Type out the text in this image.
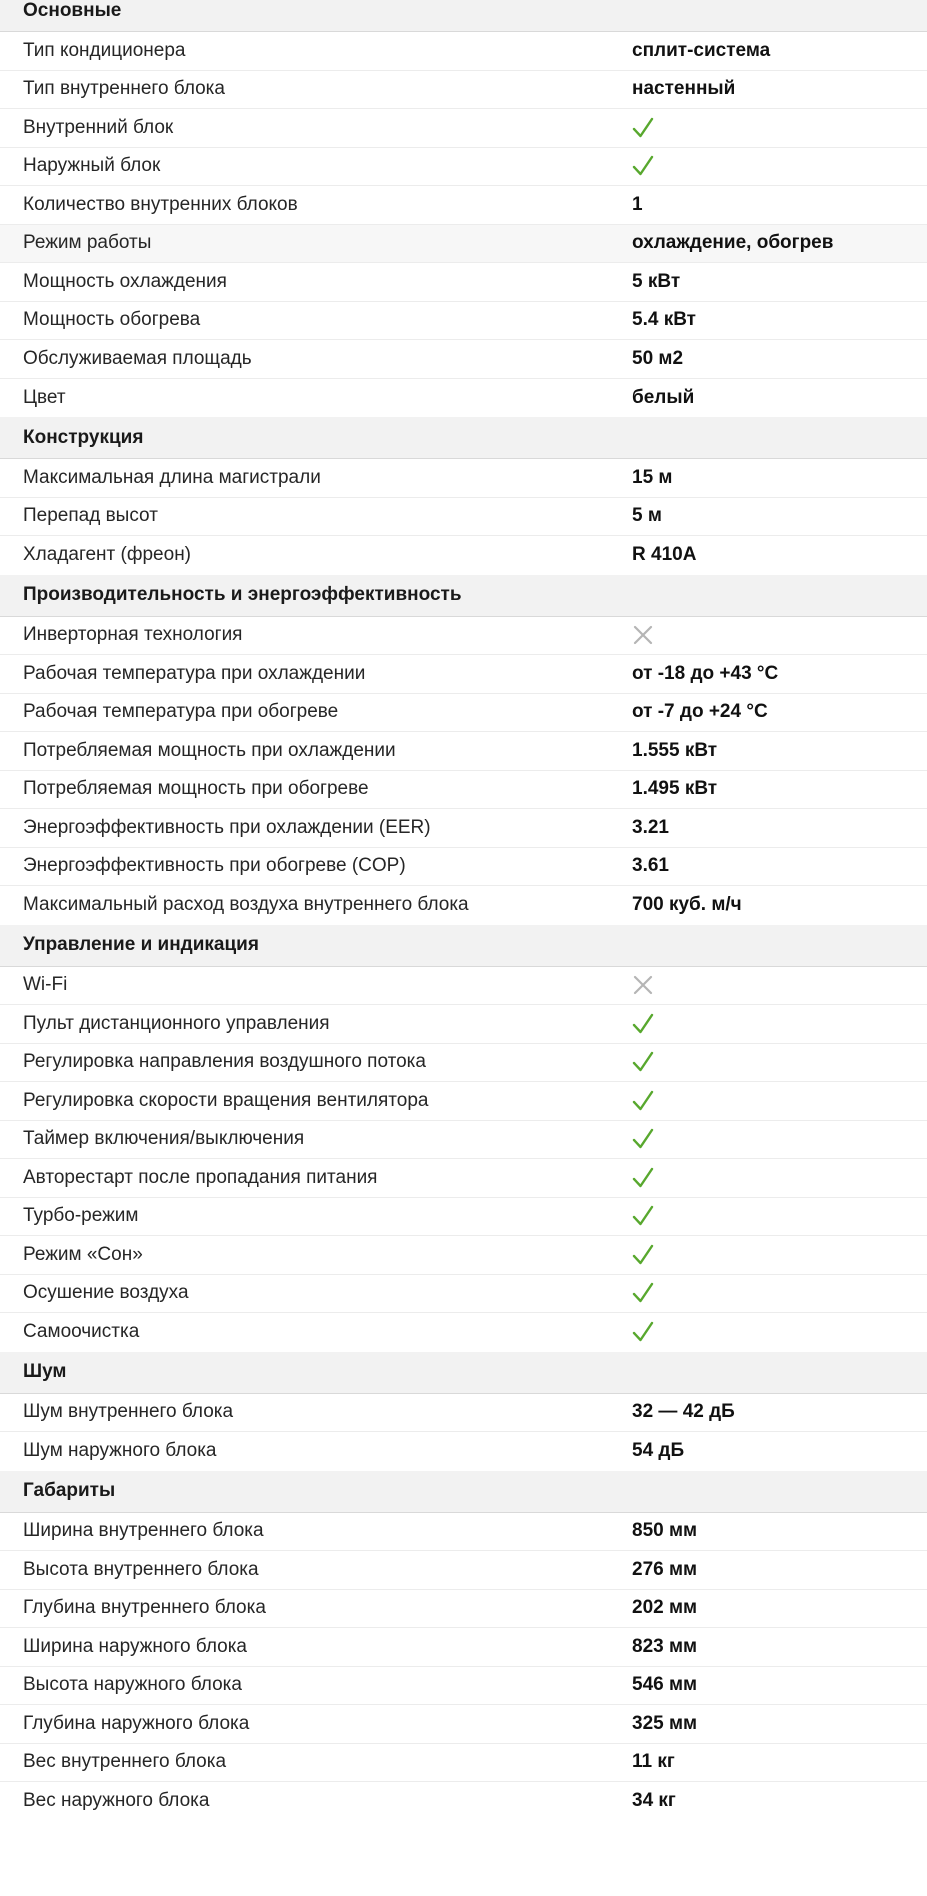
Основные
Тип кондиционера	сплит-система
Тип внутреннего блока	настенный
Внутренний блок
Наружный блок
Количество внутренних блоков	1
Режим работы	охлаждение, обогрев
Мощность охлаждения	5 кВт
Мощность обогрева	5.4 кВт
Обслуживаемая площадь	50 м2
Цвет	белый
Конструкция
Максимальная длина магистрали	15 м
Перепад высот	5 м
Хладагент (фреон)	R 410A
Производительность и энергоэффективность
Инверторная технология
Рабочая температура при охлаждении	от -18 до +43 °C
Рабочая температура при обогреве	от -7 до +24 °C
Потребляемая мощность при охлаждении	1.555 кВт
Потребляемая мощность при обогреве	1.495 кВт
Энергоэффективность при охлаждении (EER)	3.21
Энергоэффективность при обогреве (COP)	3.61
Максимальный расход воздуха внутреннего блока	700 куб. м/ч
Управление и индикация
Wi-Fi
Пульт дистанционного управления
Регулировка направления воздушного потока
Регулировка скорости вращения вентилятора
Таймер включения/выключения
Авторестарт после пропадания питания
Турбо-режим
Режим «Сон»
Осушение воздуха
Самоочистка
Шум
Шум внутреннего блока	32 — 42 дБ
Шум наружного блока	54 дБ
Габариты
Ширина внутреннего блока	850 мм
Высота внутреннего блока	276 мм
Глубина внутреннего блока	202 мм
Ширина наружного блока	823 мм
Высота наружного блока	546 мм
Глубина наружного блока	325 мм
Вес внутреннего блока	11 кг
Вес наружного блока	34 кг
